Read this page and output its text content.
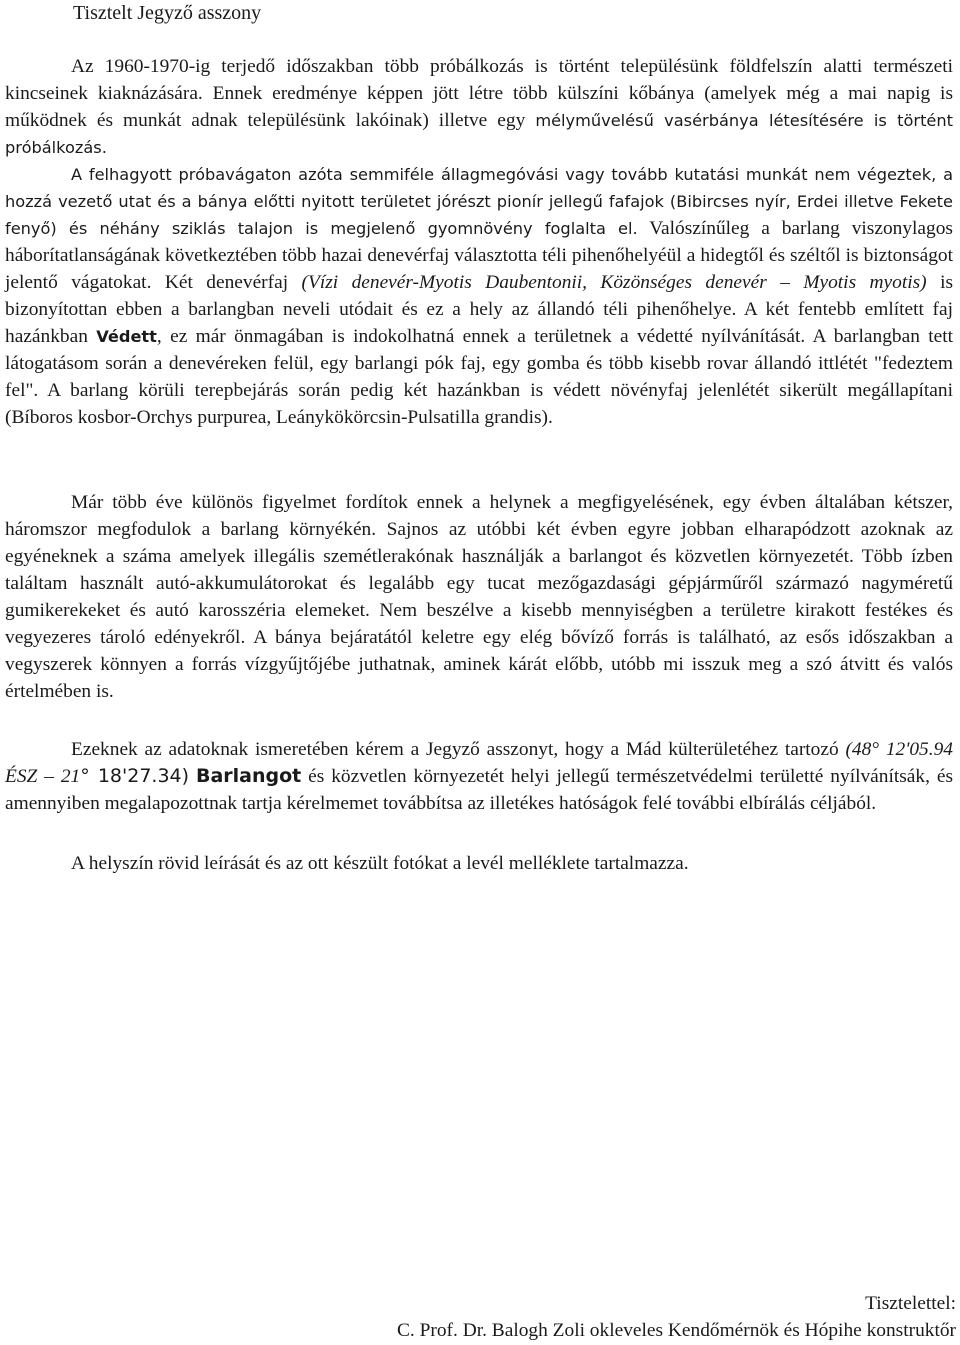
Tisztelt Jegyző asszony

Az 1960-1970-ig terjedő időszakban több próbálkozás is történt településünk földfelszín alatti természeti kincseinek kiaknázására. Ennek eredménye képpen jött létre több külszíni kőbánya (amelyek még a mai napig is működnek és munkát adnak településünk lakóinak) illetve egy mélyművelésű vasérbánya létesítésére is történt próbálkozás.

A felhagyott próbavágaton azóta semmiféle állagmegóvási vagy tovább kutatási munkát nem végeztek, a hozzá vezető utat és a bánya előtti nyitott területet jórészt pionír jellegű fafajok (Bibircses nyír, Erdei illetve Fekete fenyő) és néhány sziklás talajon is megjelenő gyomnövény foglalta el. Valószínűleg a barlang viszonylagos háborítatlanságának következtében több hazai denevérfaj választotta téli pihenőhelyéül a hidegtől és széltől is biztonságot jelentő vágatokat. Két denevérfaj (Vízi denevér-Myotis Daubentonii, Közönséges denevér – Myotis myotis) is bizonyítottan ebben a barlangban neveli utódait és ez a hely az állandó téli pihenőhelye. A két fentebb említett faj hazánkban Védett, ez már önmagában is indokolhatná ennek a területnek a védetté nyílvánítását. A barlangban tett látogatásom során a denevéreken felül, egy barlangi pók faj, egy gomba és több kisebb rovar állandó ittlétét "fedeztem fel". A barlang körüli terepbejárás során pedig két hazánkban is védett növényfaj jelenlétét sikerült megállapítani (Bíboros kosbor-Orchys purpurea, Leánykökörcsin-Pulsatilla grandis).

Már több éve különös figyelmet fordítok ennek a helynek a megfigyelésének, egy évben általában kétszer, háromszor megfodulok a barlang környékén. Sajnos az utóbbi két évben egyre jobban elharapódzott azoknak az egyéneknek a száma amelyek illegális szemétlerakónak használják a barlangot és közvetlen környezetét. Több ízben találtam használt autó-akkumulátorokat és legalább egy tucat mezőgazdasági gépjárműről származó nagyméretű gumikerekeket és autó karosszéria elemeket. Nem beszélve a kisebb mennyiségben a területre kirakott festékes és vegyezeres tároló edényekről. A bánya bejáratától keletre egy elég bővíző forrás is található, az esős időszakban a vegyszerek könnyen a forrás vízgyűjtőjébe juthatnak, aminek kárát előbb, utóbb mi isszuk meg a szó átvitt és valós értelmében is.

Ezeknek az adatoknak ismeretében kérem a Jegyző asszonyt, hogy a Mád külterületéhez tartozó (48° 12'05.94 ÉSZ – 21° 18'27.34) Barlangot és közvetlen környezetét helyi jellegű természetvédelmi területté nyílvánítsák, és amennyiben megalapozottnak tartja kérelmemet továbbítsa az illetékes hatóságok felé további elbírálás céljából.

A helyszín rövid leírását és az ott készült fotókat a levél melléklete tartalmazza.

Tisztelettel:

C. Prof. Dr. Balogh Zoli okleveles Kendőmérnök és Hópihe konstruktőr
